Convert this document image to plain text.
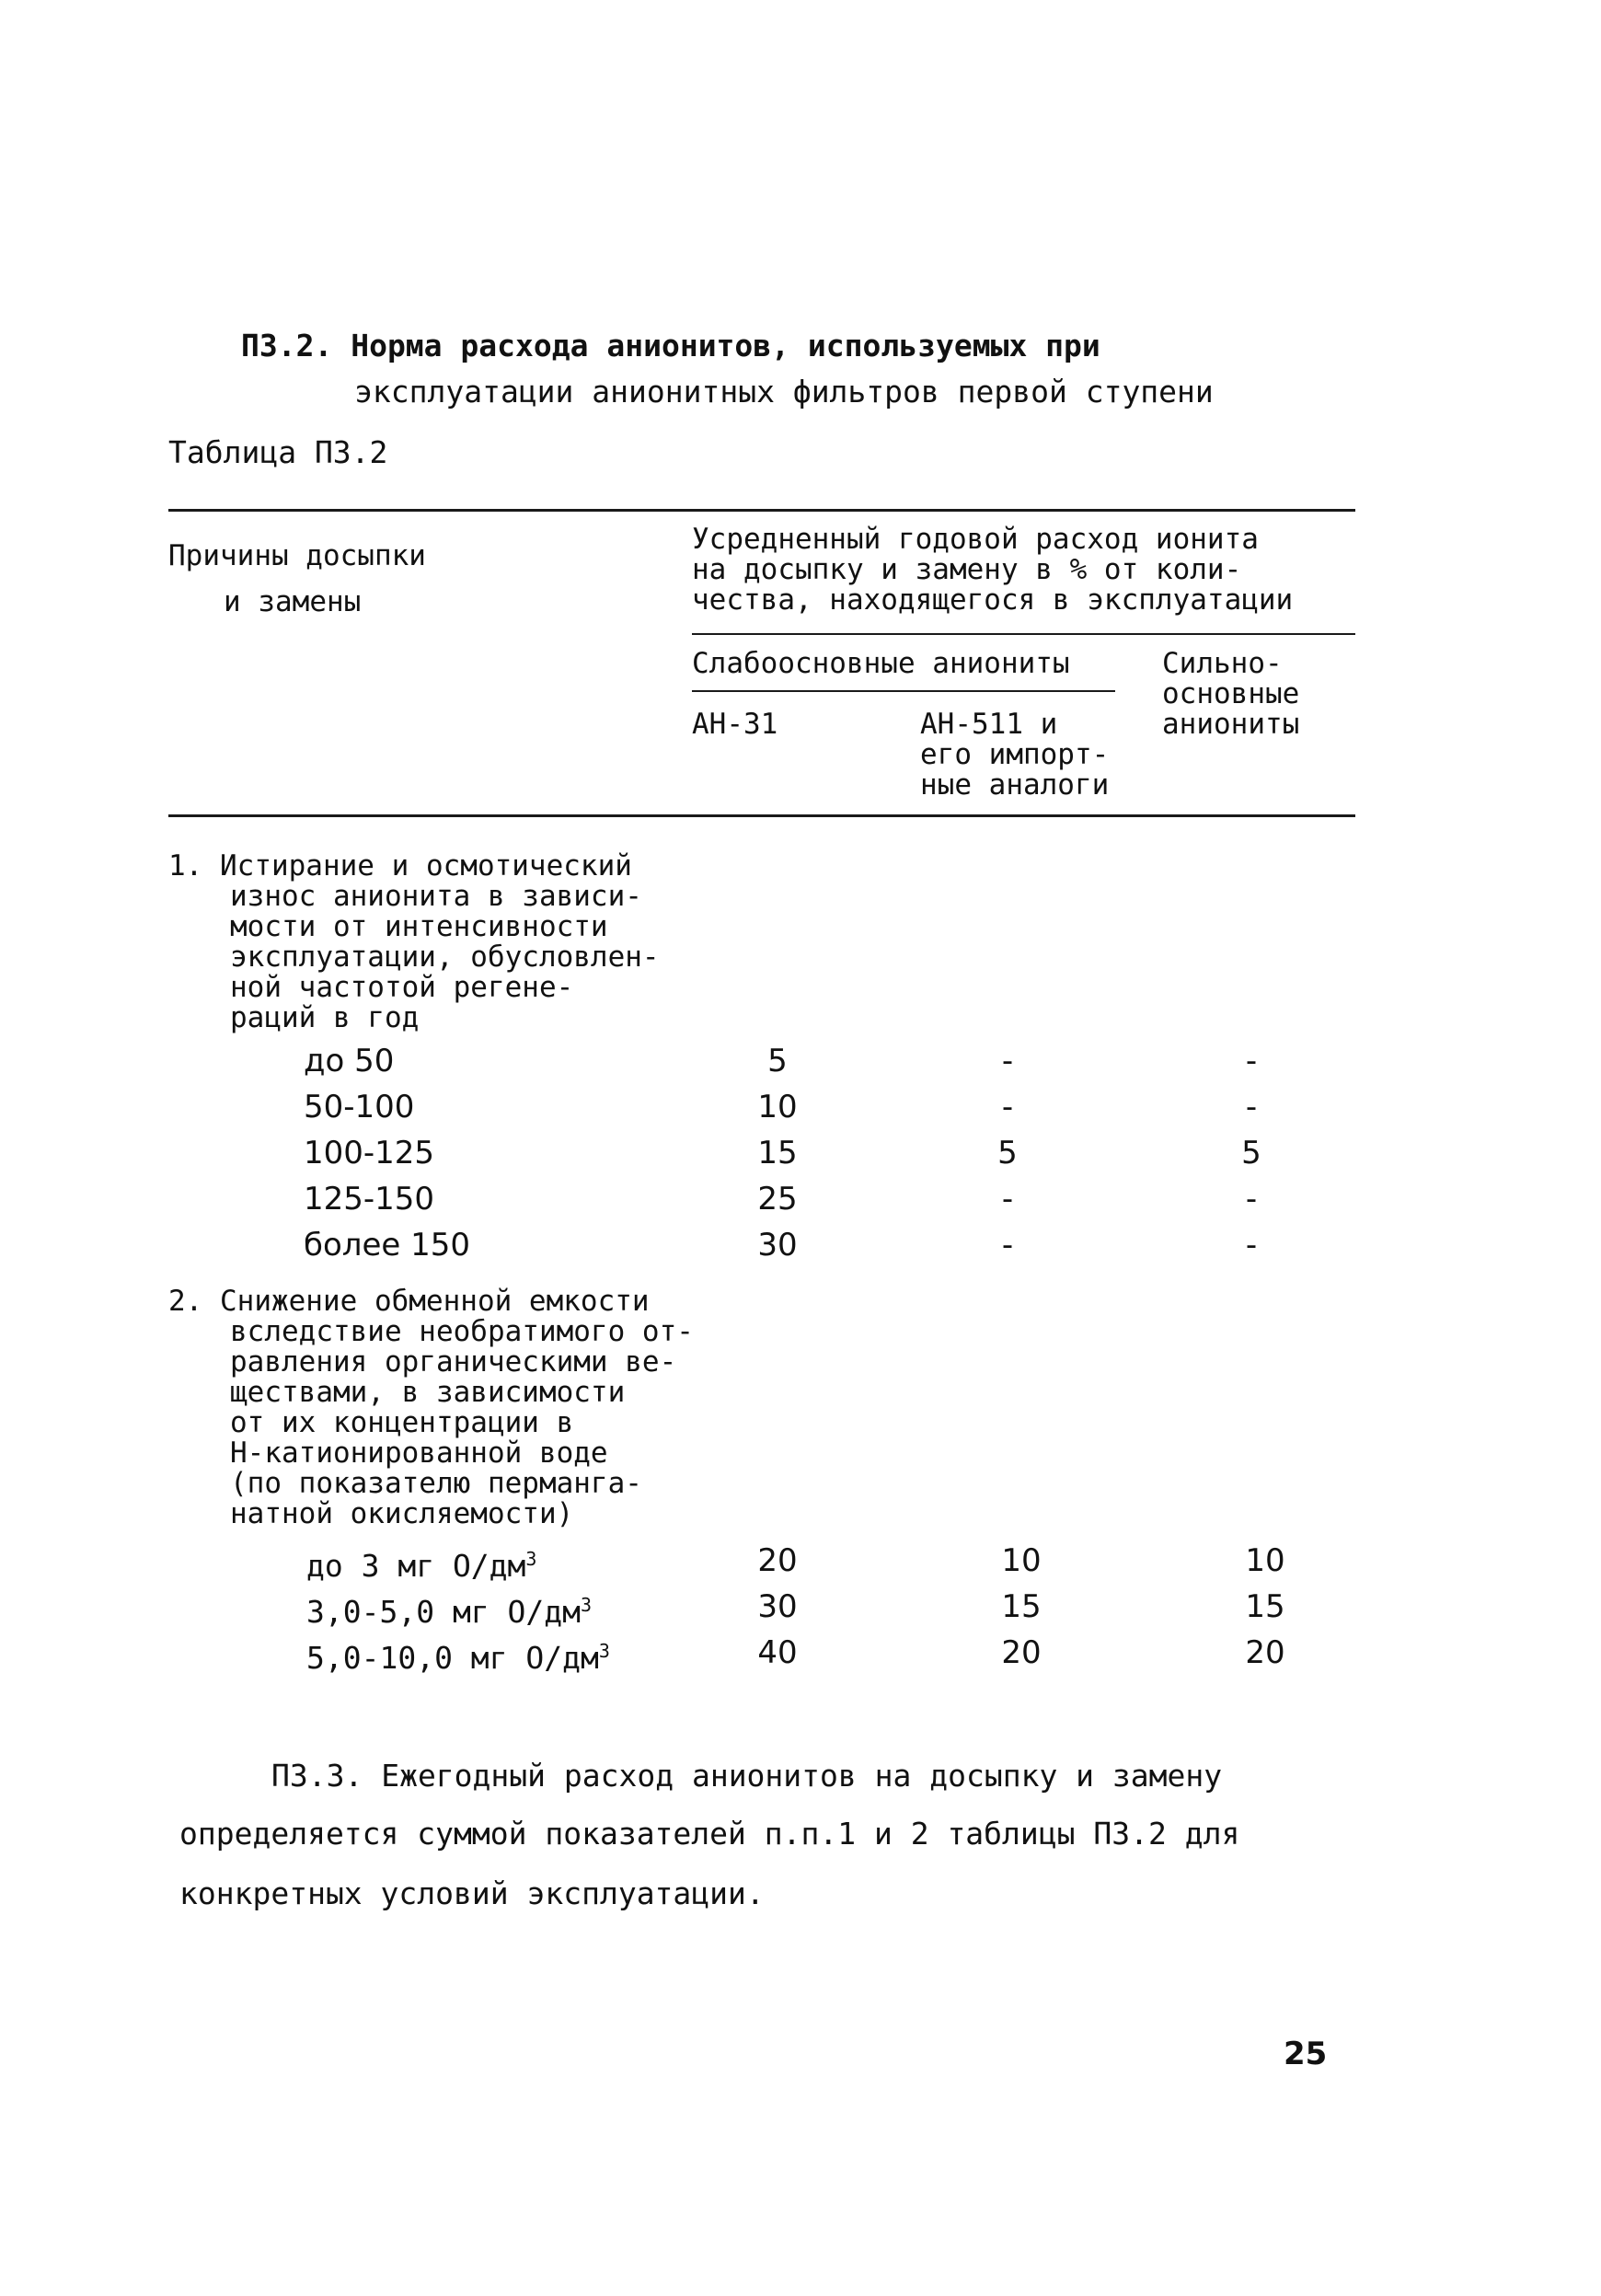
ПЗ.2. Норма расхода анионитов, используемых при
эксплуатации анионитных фильтров первой ступени
Таблица ПЗ.2
Причины досыпки
и замены
Усредненный годовой расход ионита
на досыпку и замену в % от коли-
чества, находящегося в эксплуатации
Слабоосновные аниониты	Сильно-
основные
аниониты
АН-31	АН-511 и
его импорт-
ные аналоги
1. Истирание и осмотический
износ анионита в зависи-
мости от интенсивности
эксплуатации, обусловлен-
ной частотой регене-
раций в год
до 50	5	-	-
50-100	10	-	-
100-125	15	5	5
125-150	25	-	-
более 150	30	-	-
2. Снижение обменной емкости
вследствие необратимого от-
равления органическими ве-
ществами, в зависимости
от их концентрации в
Н-катионированной воде
(по показателю перманга-
натной окисляемости)
до 3 мг $О/дм^3$	20	10	10
3,0-5,0 мг $О/дм^3$	30	15	15
5,0-10,0 мг $О/дм^3$	40	20	20
ПЗ.3. Ежегодный расход анионитов на досыпку и замену
определяется суммой показателей п.п.1 и 2 таблицы ПЗ.2 для
конкретных условий эксплуатации.
25
